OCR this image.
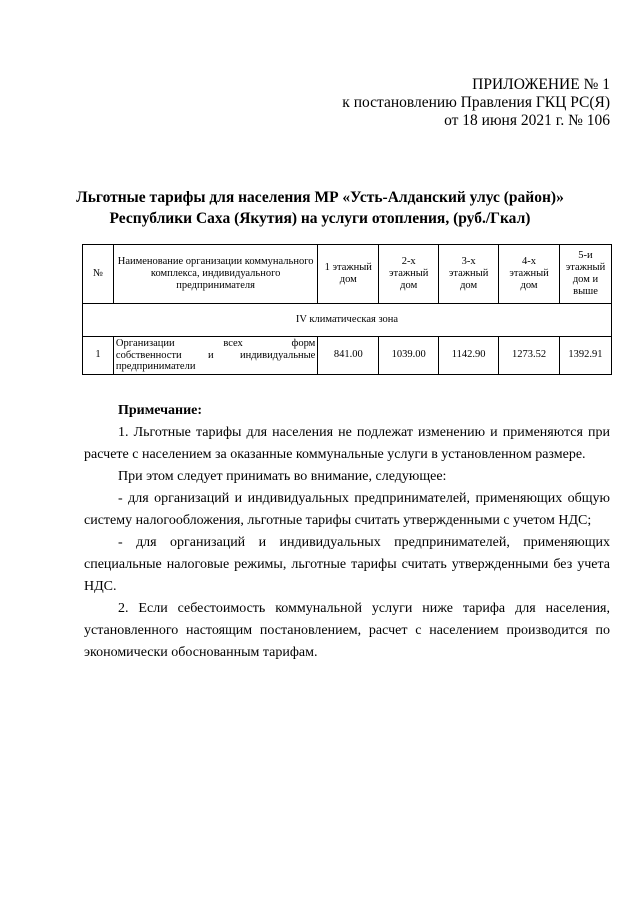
ПРИЛОЖЕНИЕ № 1
к постановлению Правления ГКЦ РС(Я)
от 18 июня 2021 г. № 106
Льготные тарифы для населения МР «Усть-Алданский улус (район)»
Республики Саха (Якутия) на услуги отопления, (руб./Гкал)
№	Наименование организации коммунального комплекса, индивидуального предпринимателя	1 этажный дом	2-х этажный дом	3-х этажный дом	4-х этажный дом	5-и этажный дом и выше
IV климатическая зона						
1	Организации всех форм
собственности и индивидуальные
предприниматели	841.00	1039.00	1142.90	1273.52	1392.91

Примечание:

1. Льготные тарифы для населения не подлежат изменению и применяются при расчете с населением за оказанные коммунальные услуги в установленном размере.

При этом следует принимать во внимание, следующее:

- для организаций и индивидуальных предпринимателей, применяющих общую систему налогообложения, льготные тарифы считать утвержденными с учетом НДС;

- для организаций и индивидуальных предпринимателей, применяющих специальные налоговые режимы, льготные тарифы считать утвержденными без учета НДС.

2. Если себестоимость коммунальной услуги ниже тарифа для населения, установленного настоящим постановлением, расчет с населением производится по экономически обоснованным тарифам.
